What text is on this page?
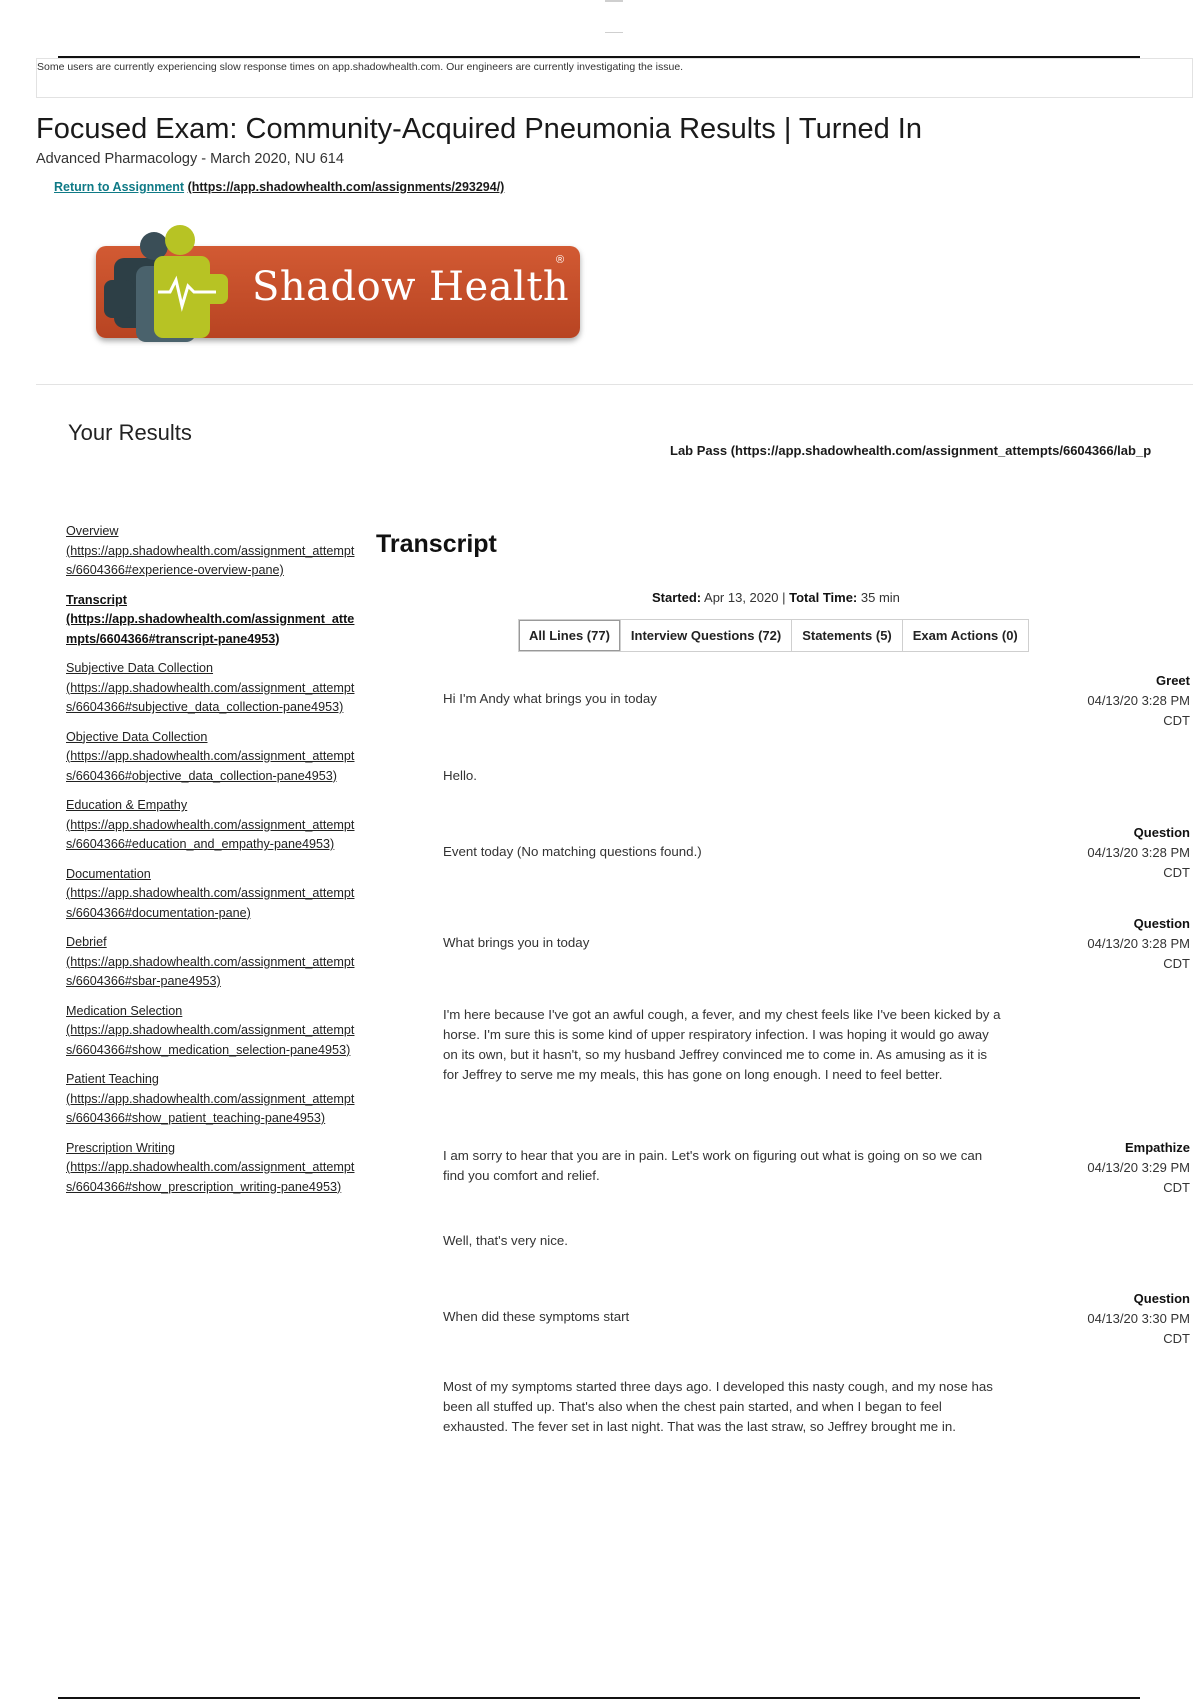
Some users are currently experiencing slow response times on app.shadowhealth.com. Our engineers are currently investigating the issue.
Focused Exam: Community-Acquired Pneumonia Results | Turned In
Advanced Pharmacology - March 2020, NU 614
Return to Assignment (https://app.shadowhealth.com/assignments/293294/)
Shadow Health
®
Your Results
Lab Pass (https://app.shadowhealth.com/assignment_attempts/6604366/lab_p
Overview
(https://app.shadowhealth.com/assignment_attempts/6604366#experience-overview-pane)
Transcript
(https://app.shadowhealth.com/assignment_attempts/6604366#transcript-pane4953)
Subjective Data Collection
(https://app.shadowhealth.com/assignment_attempts/6604366#subjective_data_collection-pane4953)
Objective Data Collection
(https://app.shadowhealth.com/assignment_attempts/6604366#objective_data_collection-pane4953)
Education & Empathy
(https://app.shadowhealth.com/assignment_attempts/6604366#education_and_empathy-pane4953)
Documentation
(https://app.shadowhealth.com/assignment_attempts/6604366#documentation-pane)
Debrief
(https://app.shadowhealth.com/assignment_attempts/6604366#sbar-pane4953)
Medication Selection
(https://app.shadowhealth.com/assignment_attempts/6604366#show_medication_selection-pane4953)
Patient Teaching
(https://app.shadowhealth.com/assignment_attempts/6604366#show_patient_teaching-pane4953)
Prescription Writing
(https://app.shadowhealth.com/assignment_attempts/6604366#show_prescription_writing-pane4953)
Transcript
Started: Apr 13, 2020 | Total Time: 35 min
All Lines (77)	Interview Questions (72)	Statements (5)	Exam Actions (0)
Hi I'm Andy what brings you in today
Greet
04/13/20 3:28 PM
CDT
Hello.
Event today (No matching questions found.)
Question
04/13/20 3:28 PM
CDT
What brings you in today
Question
04/13/20 3:28 PM
CDT
I'm here because I've got an awful cough, a fever, and my chest feels like I've been kicked by a horse. I'm sure this is some kind of upper respiratory infection. I was hoping it would go away on its own, but it hasn't, so my husband Jeffrey convinced me to come in. As amusing as it is for Jeffrey to serve me my meals, this has gone on long enough. I need to feel better.
I am sorry to hear that you are in pain. Let's work on figuring out what is going on so we can find you comfort and relief.
Empathize
04/13/20 3:29 PM
CDT
Well, that's very nice.
When did these symptoms start
Question
04/13/20 3:30 PM
CDT
Most of my symptoms started three days ago. I developed this nasty cough, and my nose has been all stuffed up. That's also when the chest pain started, and when I began to feel exhausted. The fever set in last night. That was the last straw, so Jeffrey brought me in.
